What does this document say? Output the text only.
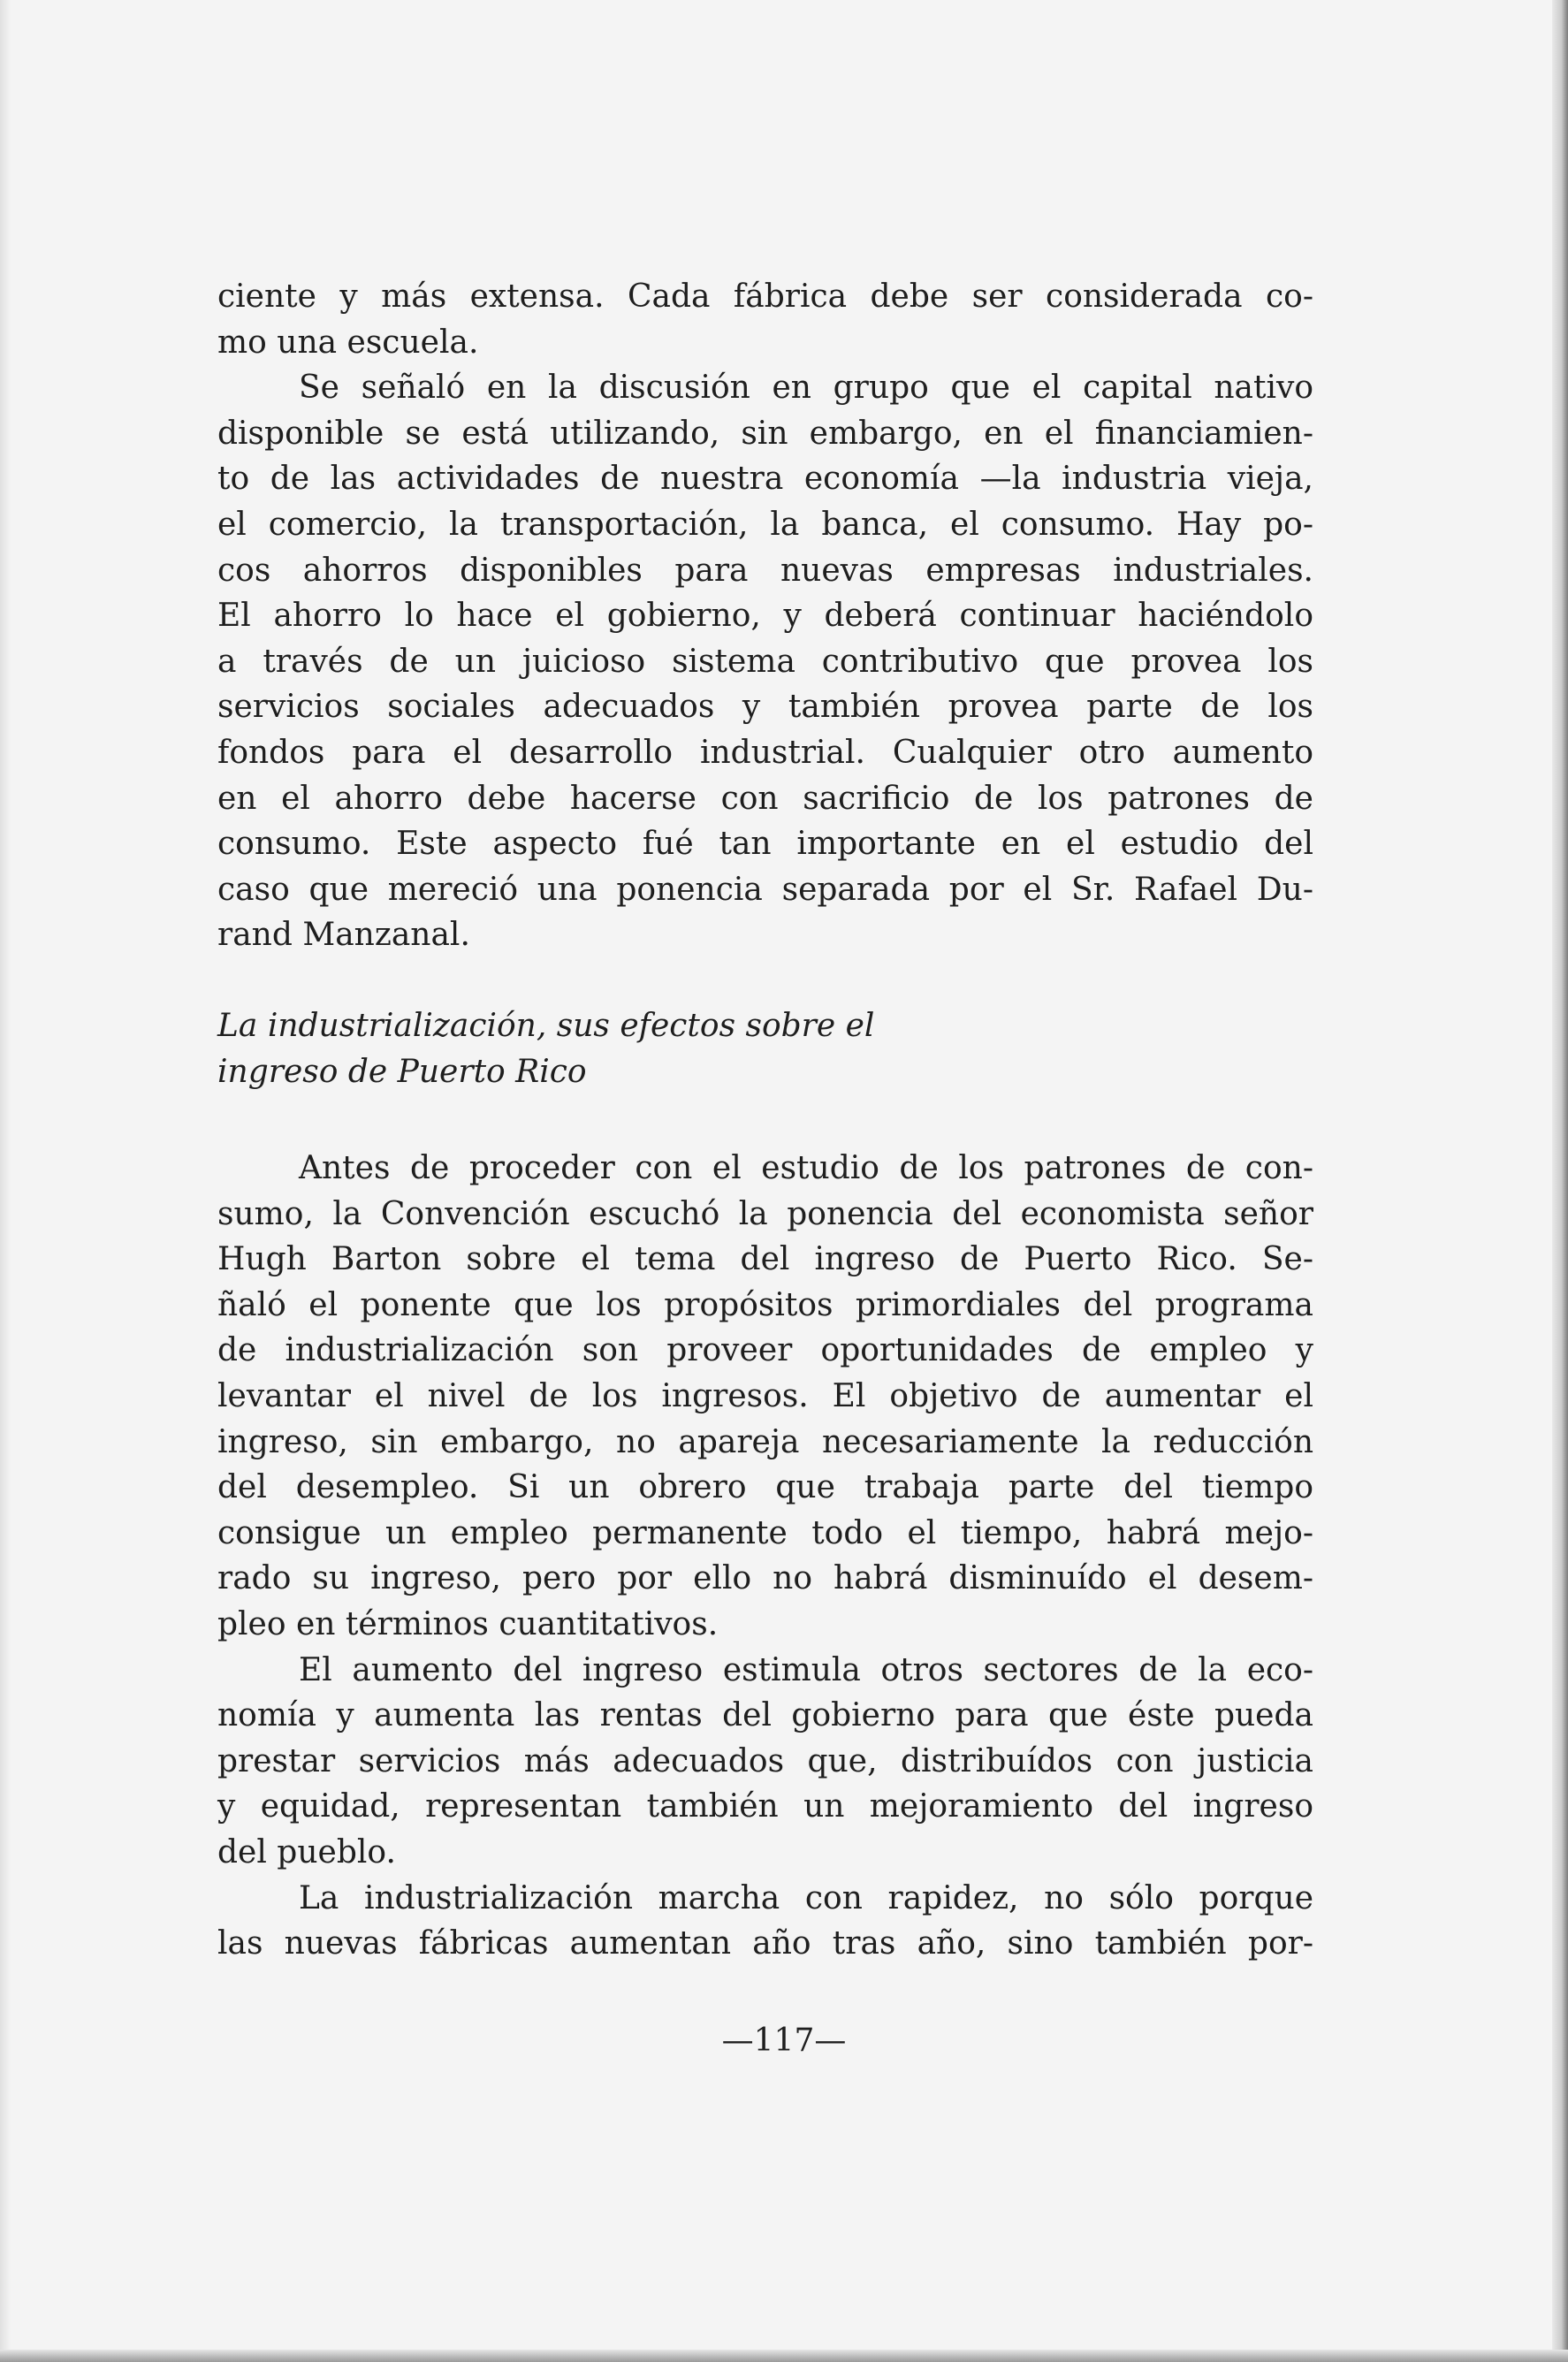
ciente y más extensa. Cada fábrica debe ser considerada co-
mo una escuela.

Se señaló en la discusión en grupo que el capital nativo
disponible se está utilizando, sin embargo, en el financiamien-
to de las actividades de nuestra economía —la industria vieja,
el comercio, la transportación, la banca, el consumo. Hay po-
cos ahorros disponibles para nuevas empresas industriales.
El ahorro lo hace el gobierno, y deberá continuar haciéndolo
a través de un juicioso sistema contributivo que provea los
servicios sociales adecuados y también provea parte de los
fondos para el desarrollo industrial. Cualquier otro aumento
en el ahorro debe hacerse con sacrificio de los patrones de
consumo. Este aspecto fué tan importante en el estudio del
caso que mereció una ponencia separada por el Sr. Rafael Du-
rand Manzanal.

La industrialización, sus efectos sobre el
ingreso de Puerto Rico

Antes de proceder con el estudio de los patrones de con-
sumo, la Convención escuchó la ponencia del economista señor
Hugh Barton sobre el tema del ingreso de Puerto Rico. Se-
ñaló el ponente que los propósitos primordiales del programa
de industrialización son proveer oportunidades de empleo y
levantar el nivel de los ingresos. El objetivo de aumentar el
ingreso, sin embargo, no apareja necesariamente la reducción
del desempleo. Si un obrero que trabaja parte del tiempo
consigue un empleo permanente todo el tiempo, habrá mejo-
rado su ingreso, pero por ello no habrá disminuído el desem-
pleo en términos cuantitativos.

El aumento del ingreso estimula otros sectores de la eco-
nomía y aumenta las rentas del gobierno para que éste pueda
prestar servicios más adecuados que, distribuídos con justicia
y equidad, representan también un mejoramiento del ingreso
del pueblo.

La industrialización marcha con rapidez, no sólo porque
las nuevas fábricas aumentan año tras año, sino también por-

—117—
